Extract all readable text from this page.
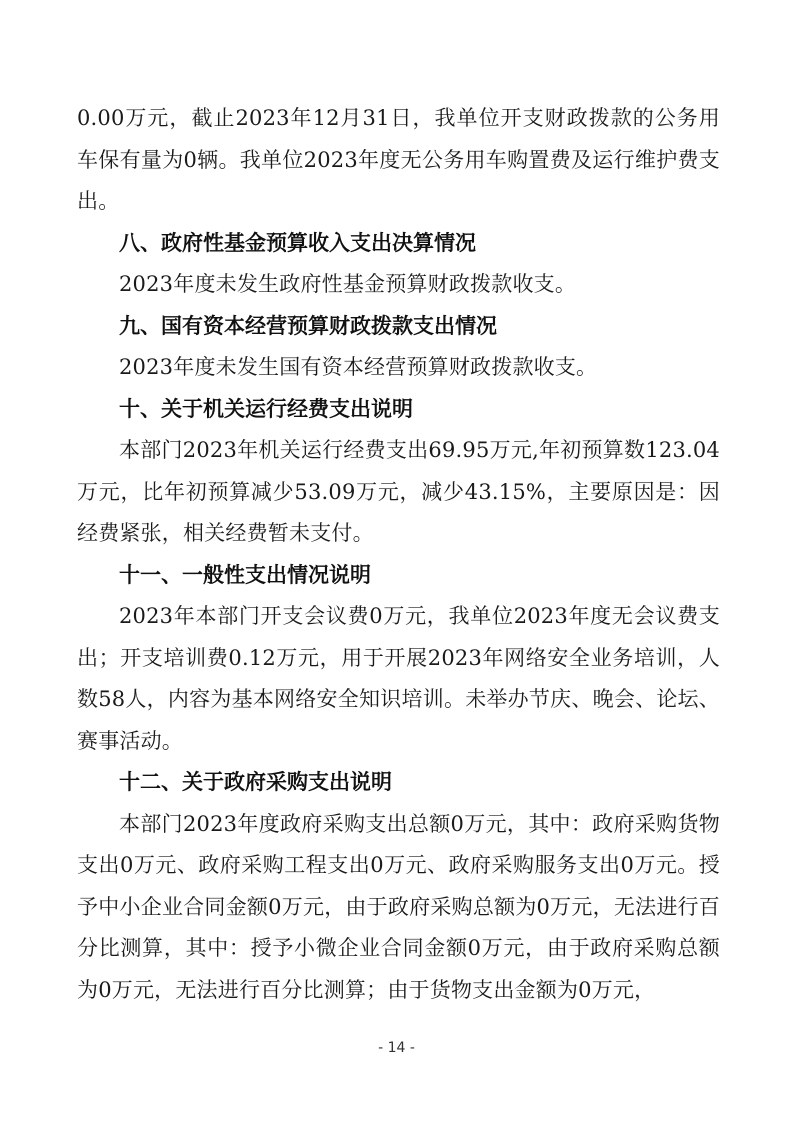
0.00万元，截止2023年12月31日，我单位开支财政拨款的公务用车保有量为0辆。我单位2023年度无公务用车购置费及运行维护费支出。

八、政府性基金预算收入支出决算情况

2023年度未发生政府性基金预算财政拨款收支。

九、国有资本经营预算财政拨款支出情况

2023年度未发生国有资本经营预算财政拨款收支。

十、关于机关运行经费支出说明

本部门2023年机关运行经费支出69.95万元,年初预算数123.04万元，比年初预算减少53.09万元，减少43.15%，主要原因是：因经费紧张，相关经费暂未支付。

十一、一般性支出情况说明

2023年本部门开支会议费0万元，我单位2023年度无会议费支出；开支培训费0.12万元，用于开展2023年网络安全业务培训，人数58人，内容为基本网络安全知识培训。未举办节庆、晚会、论坛、赛事活动。

十二、关于政府采购支出说明

本部门2023年度政府采购支出总额0万元，其中：政府采购货物支出0万元、政府采购工程支出0万元、政府采购服务支出0万元。授予中小企业合同金额0万元，由于政府采购总额为0万元，无法进行百分比测算，其中：授予小微企业合同金额0万元，由于政府采购总额为0万元，无法进行百分比测算；由于货物支出金额为0万元，

- 14 -
